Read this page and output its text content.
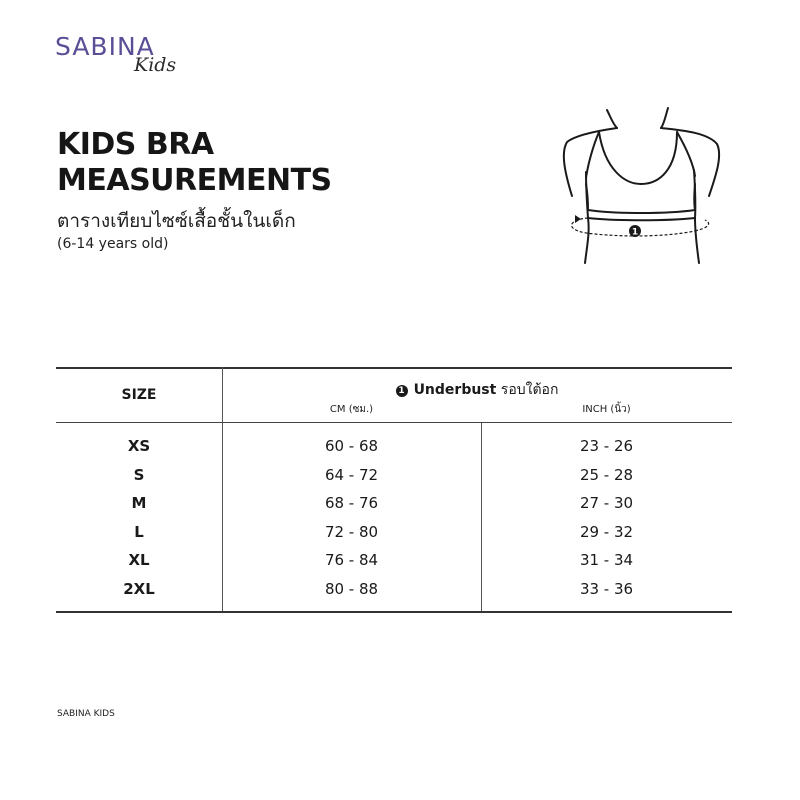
SABINA
Kids
KIDS BRA
MEASUREMENTS
ตารางเทียบไซซ์เสื้อชั้นในเด็ก
(6-14 years old)
1
SIZE	1 Underbust รอบใต้อก
CM (ซม.)	INCH (นิ้ว)
XS	60 - 68	23 - 26
S	64 - 72	25 - 28
M	68 - 76	27 - 30
L	72 - 80	29 - 32
XL	76 - 84	31 - 34
2XL	80 - 88	33 - 36
SABINA KIDS
